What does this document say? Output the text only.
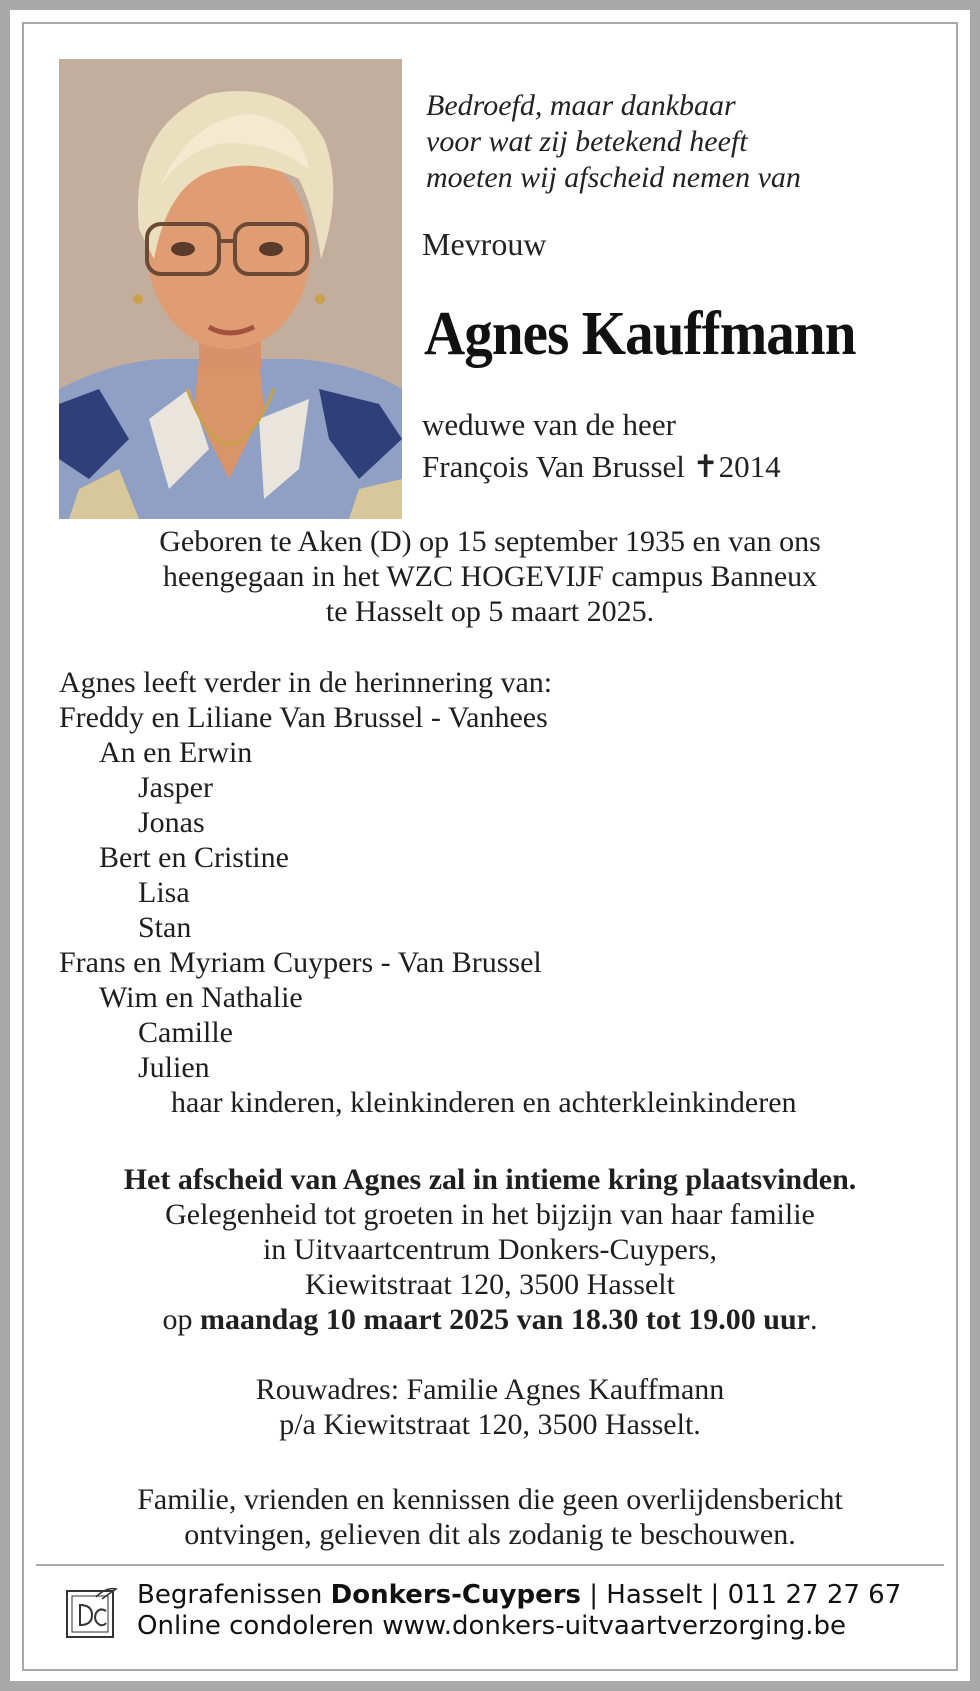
Bedroefd, maar dankbaar
voor wat zij betekend heeft
moeten wij afscheid nemen van
Mevrouw
Agnes Kauffmann
weduwe van de heer
François Van Brussel ✝2014
Geboren te Aken (D) op 15 september 1935 en van ons
heengegaan in het WZC HOGEVIJF campus Banneux
te Hasselt op 5 maart 2025.
Agnes leeft verder in de herinnering van:
Freddy en Liliane Van Brussel - Vanhees
An en Erwin
Jasper
Jonas
Bert en Cristine
Lisa
Stan
Frans en Myriam Cuypers - Van Brussel
Wim en Nathalie
Camille
Julien
haar kinderen, kleinkinderen en achterkleinkinderen
Het afscheid van Agnes zal in intieme kring plaatsvinden.
Gelegenheid tot groeten in het bijzijn van haar familie
in Uitvaartcentrum Donkers-Cuypers,
Kiewitstraat 120, 3500 Hasselt
op maandag 10 maart 2025 van 18.30 tot 19.00 uur.
Rouwadres: Familie Agnes Kauffmann
p/a Kiewitstraat 120, 3500 Hasselt.
Familie, vrienden en kennissen die geen overlijdensbericht
ontvingen, gelieven dit als zodanig te beschouwen.
Begrafenissen Donkers-Cuypers | Hasselt | 011 27 27 67
Online condoleren www.donkers-uitvaartverzorging.be
